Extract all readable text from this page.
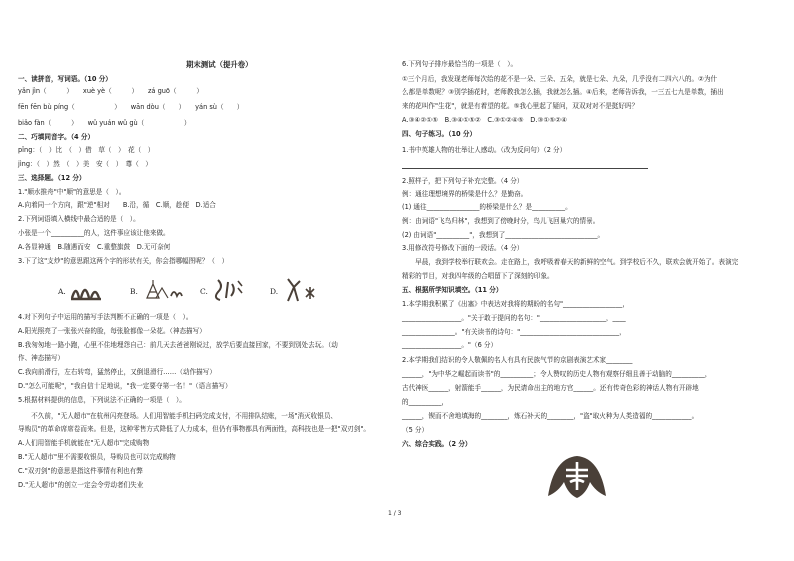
期末测试（提升卷）
一、读拼音，写词语。（10 分）
yǎn jìn（　　　）　　xuè yè（　　　）　　zá guō（　　　）
fēn fēn bù píng（　　　　　　）　　wān dòu（　　）　　yán sù（　　）
biǎo fàn（　　　）　　wǔ yuán wǔ gù（　　　　　　）
二、巧填同音字。（4 分）
pǐng：（　）比　（　）借　草（　）　花（　）
jìng：（　）然　（　）美　安（　）　尊（　）
三、选择题。（12 分）
1."顺水推舟"中"顺"的意思是（　）。
A.向着同一个方向，跟"逆"相对　　B.沿，循　C.顺，趁便　D.适合
2.下列词语填入横线中最合适的是（　）。
小张是一个__________的人，这件事应该让他来做。
A.各显神通　B.随遇而安　C.重整旗鼓　D.无可奈何
3.下了这"支炒"的意思跟这两个字的形状有关，你会指哪幅图呢？（　）
A.	B.	C.	D.
4.对下列句子中运用的描写手法判断不正确的一项是（　）。
A.阳光照亮了一张张兴奋的脸，每张脸都像一朵花。（神态描写）
B.我匆匆地一路小跑，心里不住地埋怨自己：前几天去爸爸刚说过，放学后要直接回家，不要到别处去玩。（动
作、神态描写）
C.我向前滑行，左右转弯，猛然停止，又倒退滑行……（动作描写）
D."怎么可能呢"，"我自信十足地说，"我一定要夺第一名！"（语言描写）
5.根据材料提供的信息，下列说法不正确的一项是（　）。
　　不久前，"无人超市"在杭州闪亮登场。人们用智能手机扫码完成支付，不用排队结账，一场"消灭收银员、
导购员"的革命席席卷而来。但是，这种零售方式降低了人力成本，但仍有事物都具有两面性，高科技也是一把"双刃剑"。
A.人们用智能手机就能在"无人超市"完成购物
B."无人超市"里不需要收银员，导购员也可以完成购物
C."双刃剑"的意思是指这件事情有利也有弊
D."无人超市"的创立一定会令劳动者们失业
6.下列句子排序最恰当的一项是（　）。
①三个月后，我发现老师每次给的花不是一朵、三朵、五朵，就是七朵、九朵，几乎没有二四六八的。②为什
么都是单数呢？③别学插花时，老师教我怎么插，我就怎么插。④后来，老师告诉我，一三五七九是单数，插出
来的花叫作"生花"，就是有着望的花。⑤我心里起了疑问，双双对对不是挺好吗？
A.③④②①⑤　B.③④①⑤②　C.③①②④⑤　D.③①⑤②④
四、句子练习。（10 分）
1.书中英雄人物的壮举让人感动。（改为反问句）（2 分）
2.照样子，把下列句子补充完整。（4 分）
例：通往理想境界的桥梁是什么？是勤奋。
(1) 通往________________的桥梁是什么？是__________。
例：由词语"飞鸟归林"，我想到了傍晚时分，鸟儿飞回巢穴的情景。
(2) 由词语"__________"，我想到了____________________________。
3.用修改符号修改下面的一段话。（4 分）
　　早晨，我到学校举行联欢会。走在路上，我呼吸着春天的新鲜的空气。到学校后不久，联欢会就开始了。表演完
精彩的节目，对我四年级的合唱留下了深刻的印象。
五、根据所学知识填空。（11 分）
1.本学期我积累了《出塞》中表达对我将的期盼的名句"__________________，
__________________。"关于敢于提问的名句："____________________，____
________________。"有关读书的诗句："______________________________，
__________________。"（6 分）
2.本学期我们结识的令人敬佩的名人有具有民族气节的京剧表演艺术家________
______，"为中华之崛起而读书"的__________；令人赞叹的历史人物有观察仔细且善于动脑的__________，
古代神医______，射箭能手______，为民请命出主的地方官______。还有传奇色彩的神话人物有开辟地
的__________，
______，锲而不舍地填海的________，炼石补天的________，"盗"取火种为人类造福的____________。
（5 分）
六、综合实践。（2 分）
1 / 3
